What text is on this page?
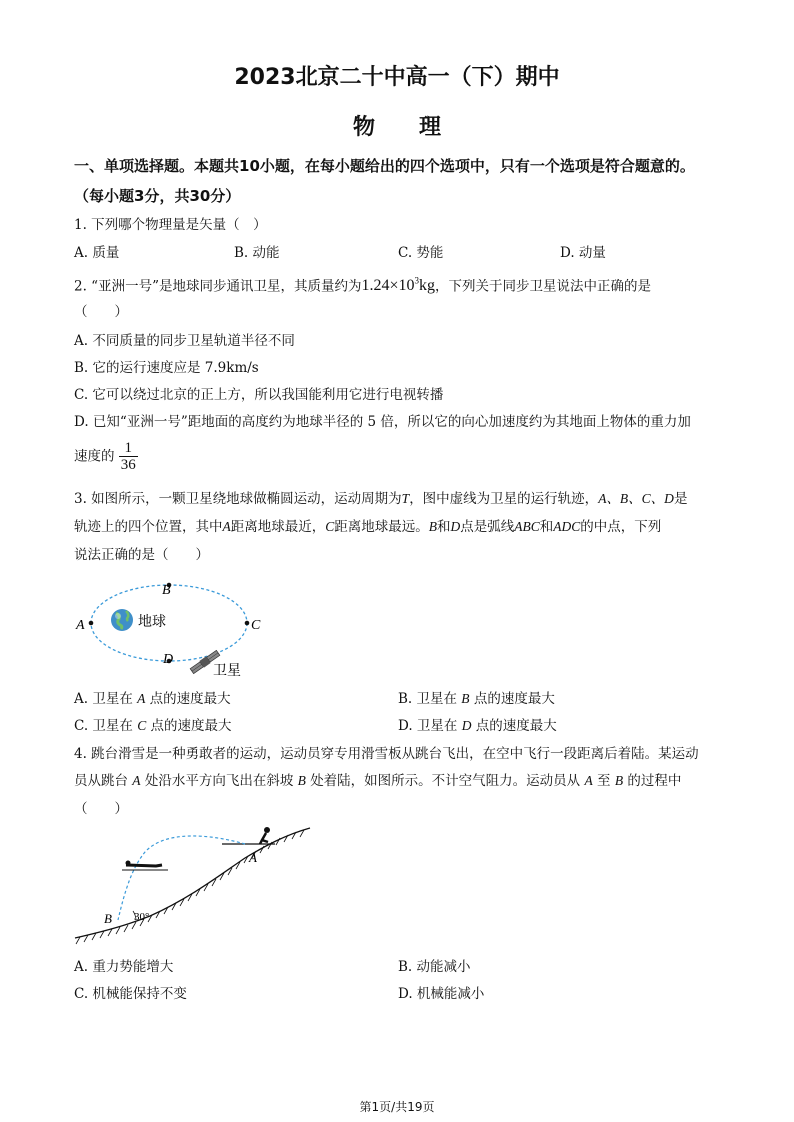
2023北京二十中高一（下）期中
物　　理
一、单项选择题。本题共10小题，在每小题给出的四个选项中，只有一个选项是符合题意的。
（每小题3分，共30分）
1. 下列哪个物理量是矢量（　）
A. 质量	B. 动能	C. 势能	D. 动量
2. “亚洲一号”是地球同步通讯卫星，其质量约为$1.24\times 10^3kg$，下列关于同步卫星说法中正确的是
（　　）
A. 不同质量的同步卫星轨道半径不同
B. 它的运行速度应是 7.9km/s
C. 它可以绕过北京的正上方，所以我国能利用它进行电视转播
D. 已知“亚洲一号”距地面的高度约为地球半径的 5 倍，所以它的向心加速度约为其地面上物体的重力加
速度的 $\frac{1}{36}$
3. 如图所示，一颗卫星绕地球做椭圆运动，运动周期为T，图中虚线为卫星的运行轨迹，A、B、C、D是
轨迹上的四个位置，其中A距离地球最近，C距离地球最远。B和D点是弧线ABC和ADC的中点，下列
说法正确的是（　　）
A
B
C
D
地球
卫星
A. 卫星在 A 点的速度最大	B. 卫星在 B 点的速度最大
C. 卫星在 C 点的速度最大	D. 卫星在 D 点的速度最大
4. 跳台滑雪是一种勇敢者的运动，运动员穿专用滑雪板从跳台飞出，在空中飞行一段距离后着陆。某运动
员从跳台 A 处沿水平方向飞出在斜坡 B 处着陆，如图所示。不计空气阻力。运动员从 A 至 B 的过程中
（　　）
A
B 30°
A. 重力势能增大	B. 动能减小
C. 机械能保持不变	D. 机械能减小
第1页/共19页
